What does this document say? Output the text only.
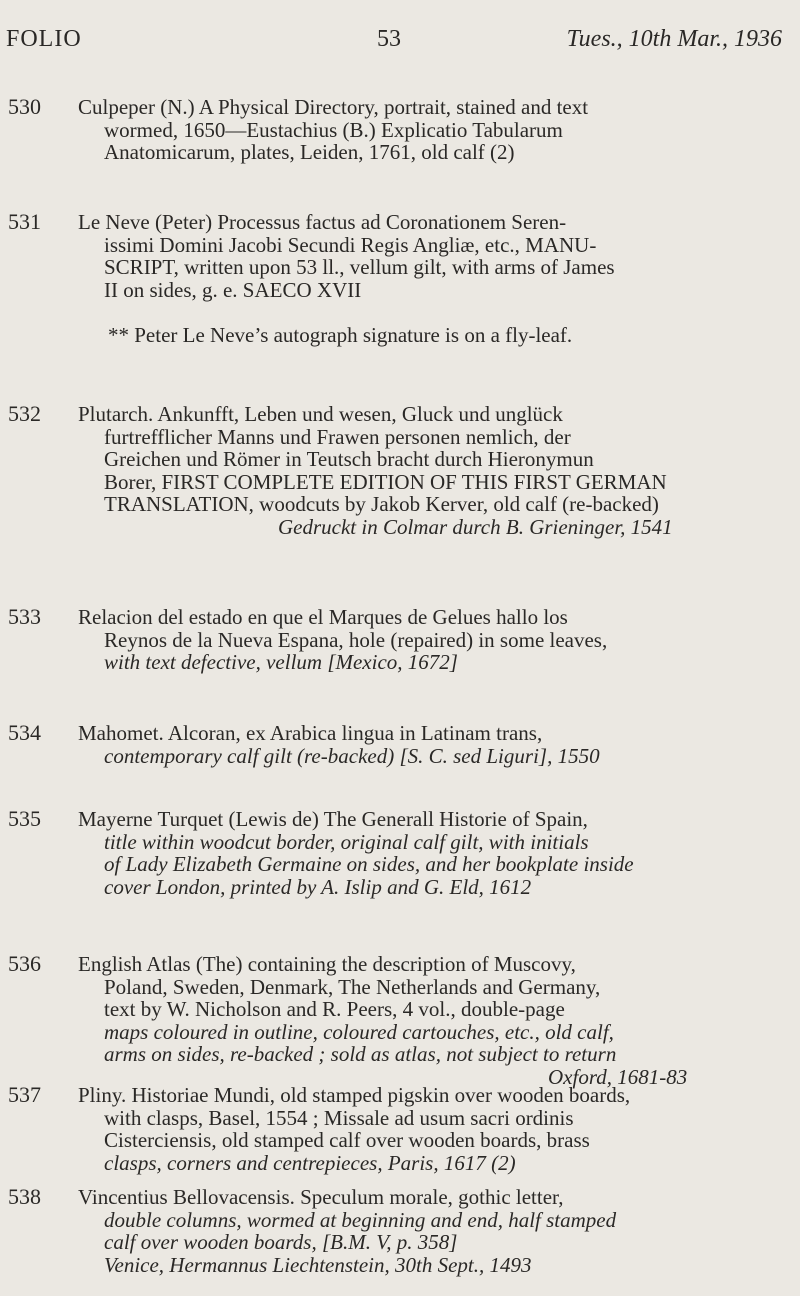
FOLIO	53	Tues., 10th Mar., 1936
530 Culpeper (N.) A Physical Directory, portrait, stained and text
wormed, 1650—Eustachius (B.) Explicatio Tabularum
Anatomicarum, plates, Leiden, 1761, old calf (2)
531 Le Neve (Peter) Processus factus ad Coronationem Seren-
issimi Domini Jacobi Secundi Regis Angliæ, etc., MANU-
SCRIPT, written upon 53 ll., vellum gilt, with arms of James
II on sides, g. e. SAECO XVII
** Peter Le Neve’s autograph signature is on a fly-leaf.
532 Plutarch. Ankunfft, Leben und wesen, Gluck und unglück
furtrefflicher Manns und Frawen personen nemlich, der
Greichen und Römer in Teutsch bracht durch Hieronymun
Borer, FIRST COMPLETE EDITION OF THIS FIRST GERMAN
TRANSLATION, woodcuts by Jakob Kerver, old calf (re-backed)
Gedruckt in Colmar durch B. Grieninger, 1541
533 Relacion del estado en que el Marques de Gelues hallo los
Reynos de la Nueva Espana, hole (repaired) in some leaves,
with text defective, vellum [Mexico, 1672]
534 Mahomet. Alcoran, ex Arabica lingua in Latinam trans,
contemporary calf gilt (re-backed) [S. C. sed Liguri], 1550
535 Mayerne Turquet (Lewis de) The Generall Historie of Spain,
title within woodcut border, original calf gilt, with initials
of Lady Elizabeth Germaine on sides, and her bookplate inside
cover London, printed by A. Islip and G. Eld, 1612
536 English Atlas (The) containing the description of Muscovy,
Poland, Sweden, Denmark, The Netherlands and Germany,
text by W. Nicholson and R. Peers, 4 vol., double-page
maps coloured in outline, coloured cartouches, etc., old calf,
arms on sides, re-backed ; sold as atlas, not subject to return
Oxford, 1681-83
537 Pliny. Historiae Mundi, old stamped pigskin over wooden boards,
with clasps, Basel, 1554 ; Missale ad usum sacri ordinis
Cisterciensis, old stamped calf over wooden boards, brass
clasps, corners and centrepieces, Paris, 1617 (2)
538 Vincentius Bellovacensis. Speculum morale, gothic letter,
double columns, wormed at beginning and end, half stamped
calf over wooden boards, [B.M. V, p. 358]
Venice, Hermannus Liechtenstein, 30th Sept., 1493
